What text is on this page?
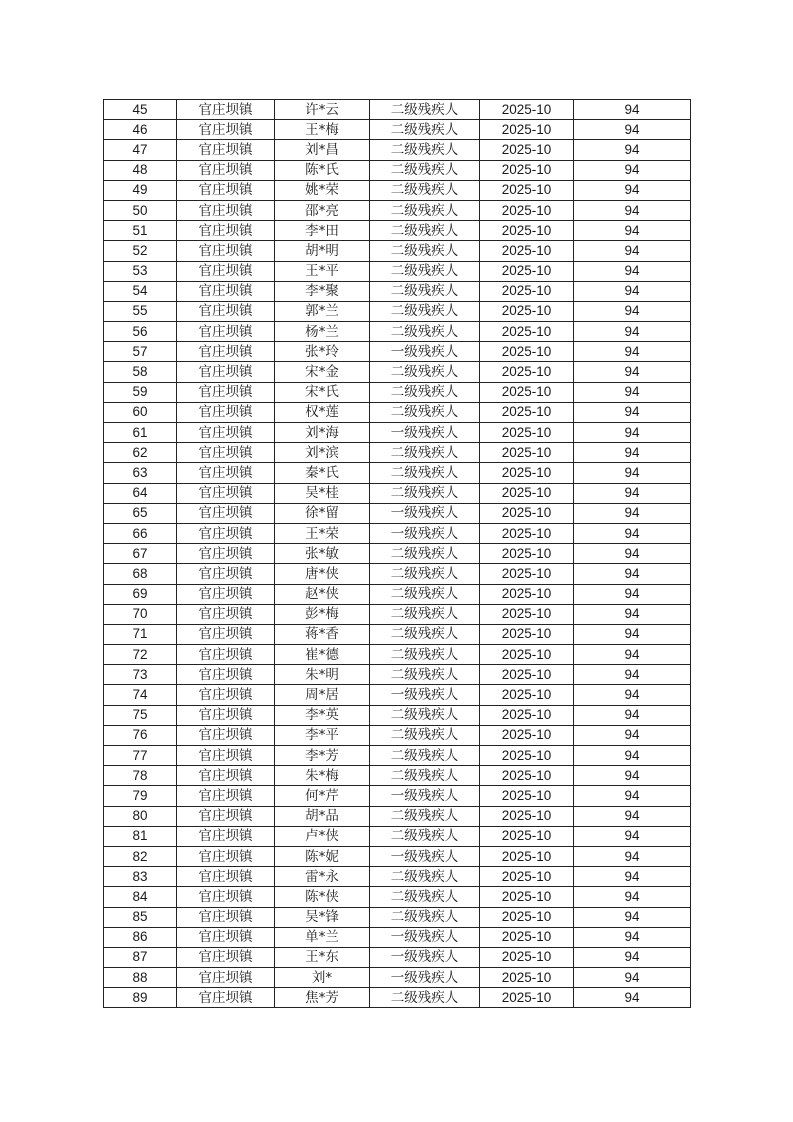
45	官庄坝镇	许*云	二级残疾人	2025-10	94
46	官庄坝镇	王*梅	二级残疾人	2025-10	94
47	官庄坝镇	刘*昌	二级残疾人	2025-10	94
48	官庄坝镇	陈*氏	二级残疾人	2025-10	94
49	官庄坝镇	姚*荣	二级残疾人	2025-10	94
50	官庄坝镇	邵*亮	二级残疾人	2025-10	94
51	官庄坝镇	李*田	二级残疾人	2025-10	94
52	官庄坝镇	胡*明	二级残疾人	2025-10	94
53	官庄坝镇	王*平	二级残疾人	2025-10	94
54	官庄坝镇	李*聚	二级残疾人	2025-10	94
55	官庄坝镇	郭*兰	二级残疾人	2025-10	94
56	官庄坝镇	杨*兰	二级残疾人	2025-10	94
57	官庄坝镇	张*玲	一级残疾人	2025-10	94
58	官庄坝镇	宋*金	二级残疾人	2025-10	94
59	官庄坝镇	宋*氏	二级残疾人	2025-10	94
60	官庄坝镇	权*莲	二级残疾人	2025-10	94
61	官庄坝镇	刘*海	一级残疾人	2025-10	94
62	官庄坝镇	刘*滨	二级残疾人	2025-10	94
63	官庄坝镇	秦*氏	二级残疾人	2025-10	94
64	官庄坝镇	吴*桂	二级残疾人	2025-10	94
65	官庄坝镇	徐*留	一级残疾人	2025-10	94
66	官庄坝镇	王*荣	一级残疾人	2025-10	94
67	官庄坝镇	张*敏	二级残疾人	2025-10	94
68	官庄坝镇	唐*侠	二级残疾人	2025-10	94
69	官庄坝镇	赵*侠	二级残疾人	2025-10	94
70	官庄坝镇	彭*梅	二级残疾人	2025-10	94
71	官庄坝镇	蒋*香	二级残疾人	2025-10	94
72	官庄坝镇	崔*德	二级残疾人	2025-10	94
73	官庄坝镇	朱*明	二级残疾人	2025-10	94
74	官庄坝镇	周*居	一级残疾人	2025-10	94
75	官庄坝镇	李*英	二级残疾人	2025-10	94
76	官庄坝镇	李*平	二级残疾人	2025-10	94
77	官庄坝镇	李*芳	二级残疾人	2025-10	94
78	官庄坝镇	朱*梅	二级残疾人	2025-10	94
79	官庄坝镇	何*芹	一级残疾人	2025-10	94
80	官庄坝镇	胡*品	二级残疾人	2025-10	94
81	官庄坝镇	卢*侠	二级残疾人	2025-10	94
82	官庄坝镇	陈*妮	一级残疾人	2025-10	94
83	官庄坝镇	雷*永	二级残疾人	2025-10	94
84	官庄坝镇	陈*侠	二级残疾人	2025-10	94
85	官庄坝镇	吴*锋	二级残疾人	2025-10	94
86	官庄坝镇	单*兰	一级残疾人	2025-10	94
87	官庄坝镇	王*东	一级残疾人	2025-10	94
88	官庄坝镇	刘*	一级残疾人	2025-10	94
89	官庄坝镇	焦*芳	二级残疾人	2025-10	94
